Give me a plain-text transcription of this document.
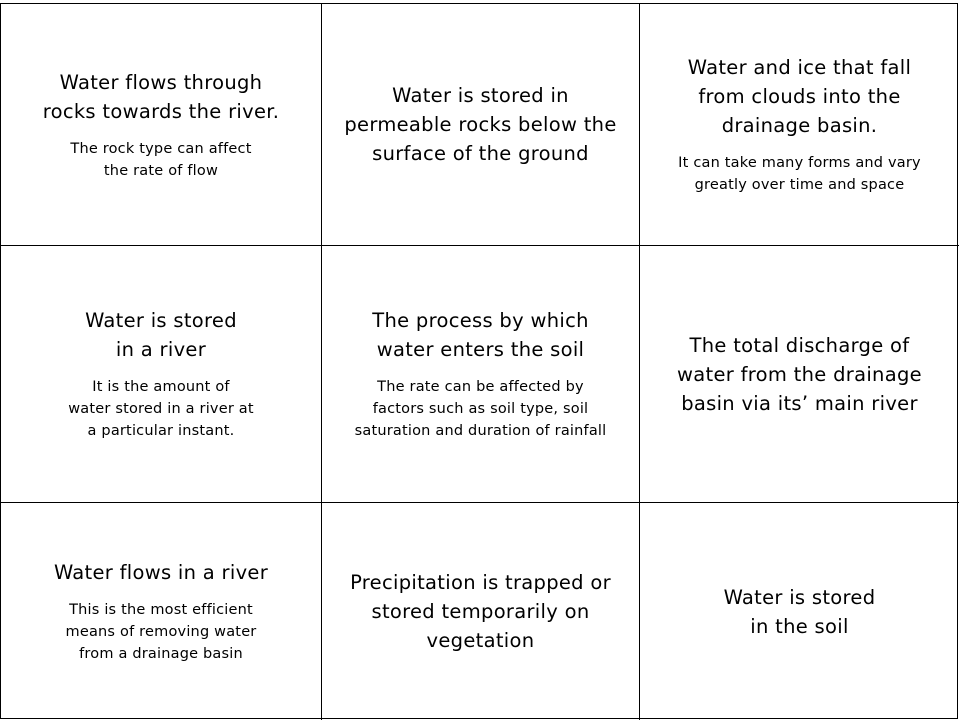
Water flows through
rocks towards the river.
The rock type can affect
the rate of flow
Water is stored in
permeable rocks below the
surface of the ground
Water and ice that fall
from clouds into the
drainage basin.
It can take many forms and vary
greatly over time and space
Water is stored
in a river
It is the amount of
water stored in a river at
a particular instant.
The process by which
water enters the soil
The rate can be affected by
factors such as soil type, soil
saturation and duration of rainfall
The total discharge of
water from the drainage
basin via its’ main river
Water flows in a river
This is the most efficient
means of removing water
from a drainage basin
Precipitation is trapped or
stored temporarily on
vegetation
Water is stored
in the soil
